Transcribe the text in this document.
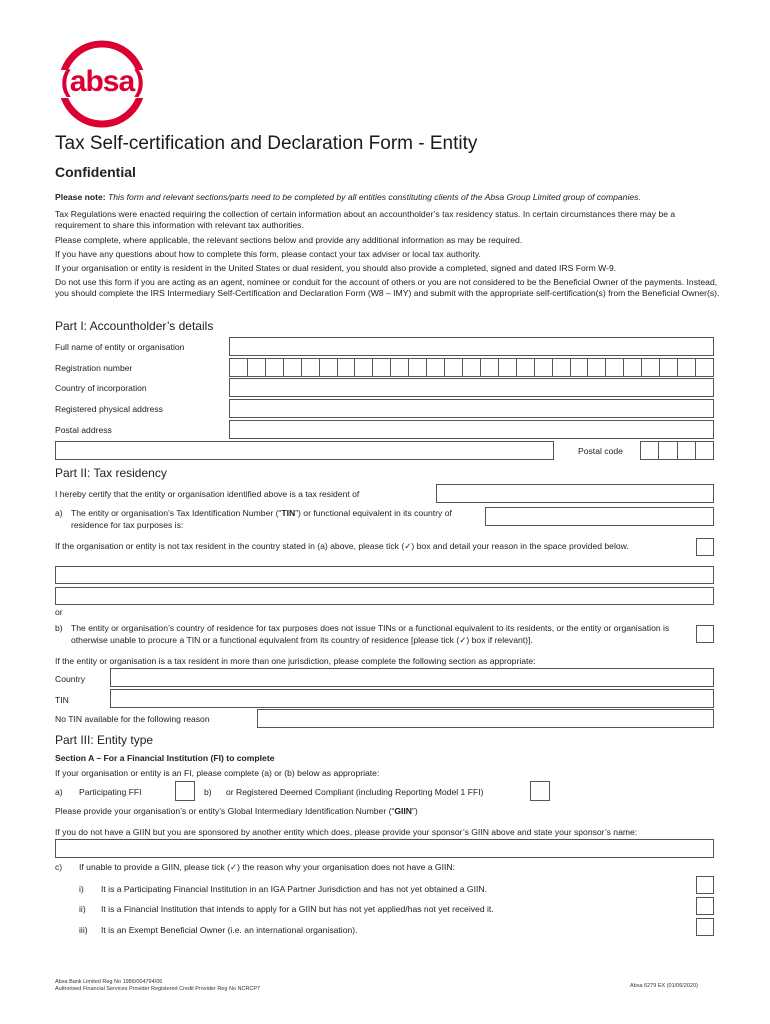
(absa)
Tax Self-certification and Declaration Form - Entity
Confidential
Please note: This form and relevant sections/parts need to be completed by all entities constituting clients of the Absa Group Limited group of companies.
Tax Regulations were enacted requiring the collection of certain information about an accountholder’s tax residency status. In certain circumstances there may be a requirement to share this information with relevant tax authorities.
Please complete, where applicable, the relevant sections below and provide any additional information as may be required.
If you have any questions about how to complete this form, please contact your tax adviser or local tax authority.
If your organisation or entity is resident in the United States or dual resident, you should also provide a completed, signed and dated IRS Form W-9.
Do not use this form if you are acting as an agent, nominee or conduit for the account of others or you are not considered to be the Beneficial Owner of the payments. Instead, you should complete the IRS Intermediary Self-Certification and Declaration Form (W8 – IMY) and submit with the appropriate self-certification(s) from the Beneficial Owner(s).
Part I: Accountholder’s details
Full name of entity or organisation
Registration number
Country of incorporation
Registered physical address
Postal address
Postal code
Part II: Tax residency
I hereby certify that the entity or organisation identified above is a tax resident of
a) The entity or organisation’s Tax Identification Number (“TIN”) or functional equivalent in its country of residence for tax purposes is:
If the organisation or entity is not tax resident in the country stated in (a) above, please tick (✓) box and detail your reason in the space provided below.
or
b) The entity or organisation’s country of residence for tax purposes does not issue TINs or a functional equivalent to its residents, or the entity or organisation is otherwise unable to procure a TIN or a functional equivalent from its country of residence [please tick (✓) box if relevant)].
If the entity or organisation is a tax resident in more than one jurisdiction, please complete the following section as appropriate:
Country
TIN
No TIN available for the following reason
Part III: Entity type
Section A – For a Financial Institution (FI) to complete
If your organisation or entity is an FI, please complete (a) or (b) below as appropriate:
a) Participating FFI	b) or Registered Deemed Compliant (including Reporting Model 1 FFI)
Please provide your organisation’s or entity’s Global Intermediary Identification Number (“GIIN”)
If you do not have a GIIN but you are sponsored by another entity which does, please provide your sponsor’s GIIN above and state your sponsor’s name:
c) If unable to provide a GIIN, please tick (✓) the reason why your organisation does not have a GIIN:
i) It is a Participating Financial Institution in an IGA Partner Jurisdiction and has not yet obtained a GIIN.
ii) It is a Financial Institution that intends to apply for a GIIN but has not yet applied/has not yet received it.
iii) It is an Exempt Beneficial Owner (i.e. an international organisation).
Absa Bank Limited Reg No 1986/004794/06
Authorised Financial Services Provider Registered Credit Provider Reg No NCRCP7	Absa 6279 EX (01/06/2020)
